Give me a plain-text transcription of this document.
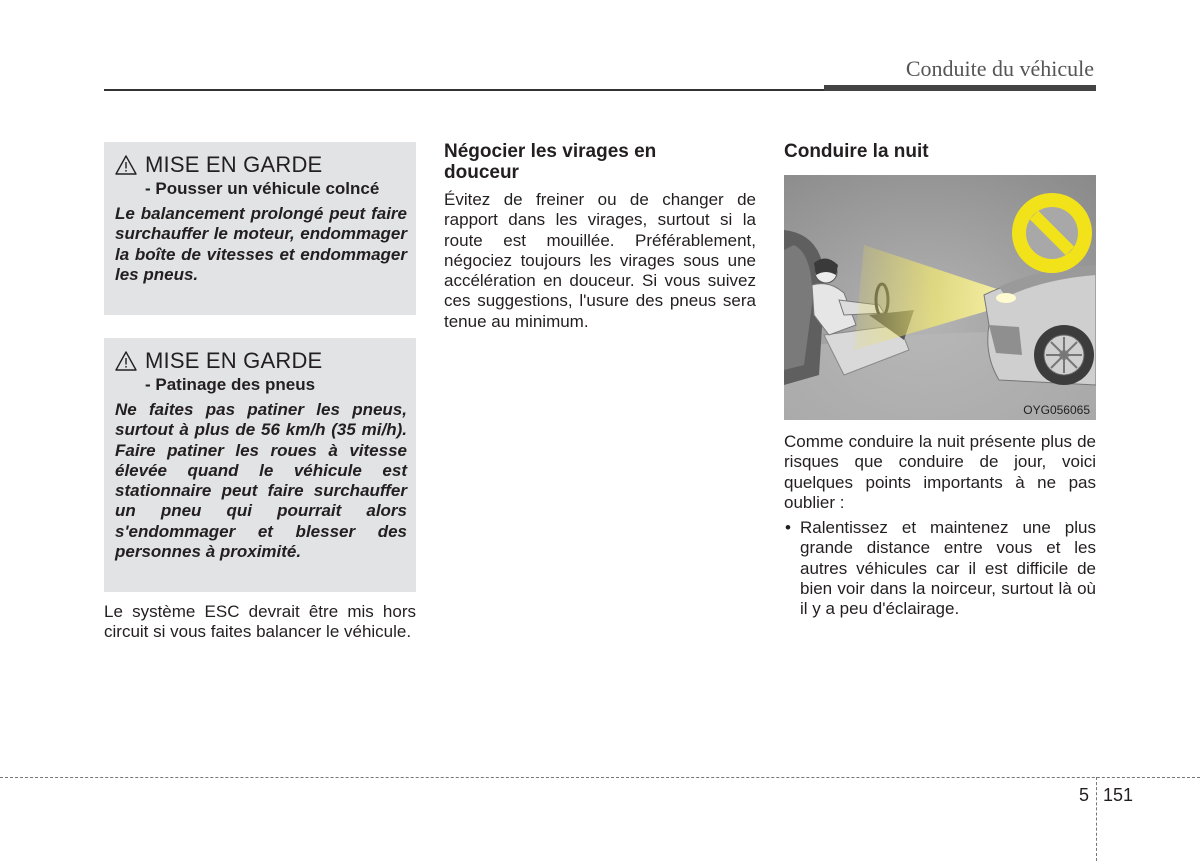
Conduite du véhicule
MISE EN GARDE
- Pousser un véhicule colncé
Le balancement prolongé peut faire surchauffer le moteur, endommager la boîte de vitesses et endommager les pneus.
MISE EN GARDE
- Patinage des pneus
Ne faites pas patiner les pneus, surtout à plus de 56 km/h (35 mi/h). Faire patiner les roues à vitesse élevée quand le véhicule est stationnaire peut faire surchauffer un pneu qui pourrait alors s'endommager et blesser des personnes à proximité.
Le système ESC devrait être mis hors circuit si vous faites balancer le véhicule.
Négocier les virages en douceur
Évitez de freiner ou de changer de rapport dans les virages, surtout si la route est mouillée. Préférablement, négociez toujours les virages sous une accélération en douceur. Si vous suivez ces suggestions, l'usure des pneus sera tenue au minimum.
Conduire la nuit
OYG056065
Comme conduire la nuit présente plus de risques que conduire de jour, voici quelques points importants à ne pas oublier :
• Ralentissez et maintenez une plus grande distance entre vous et les autres véhicules car il est difficile de bien voir dans la noirceur, surtout là où il y a peu d'éclairage.
5 151
